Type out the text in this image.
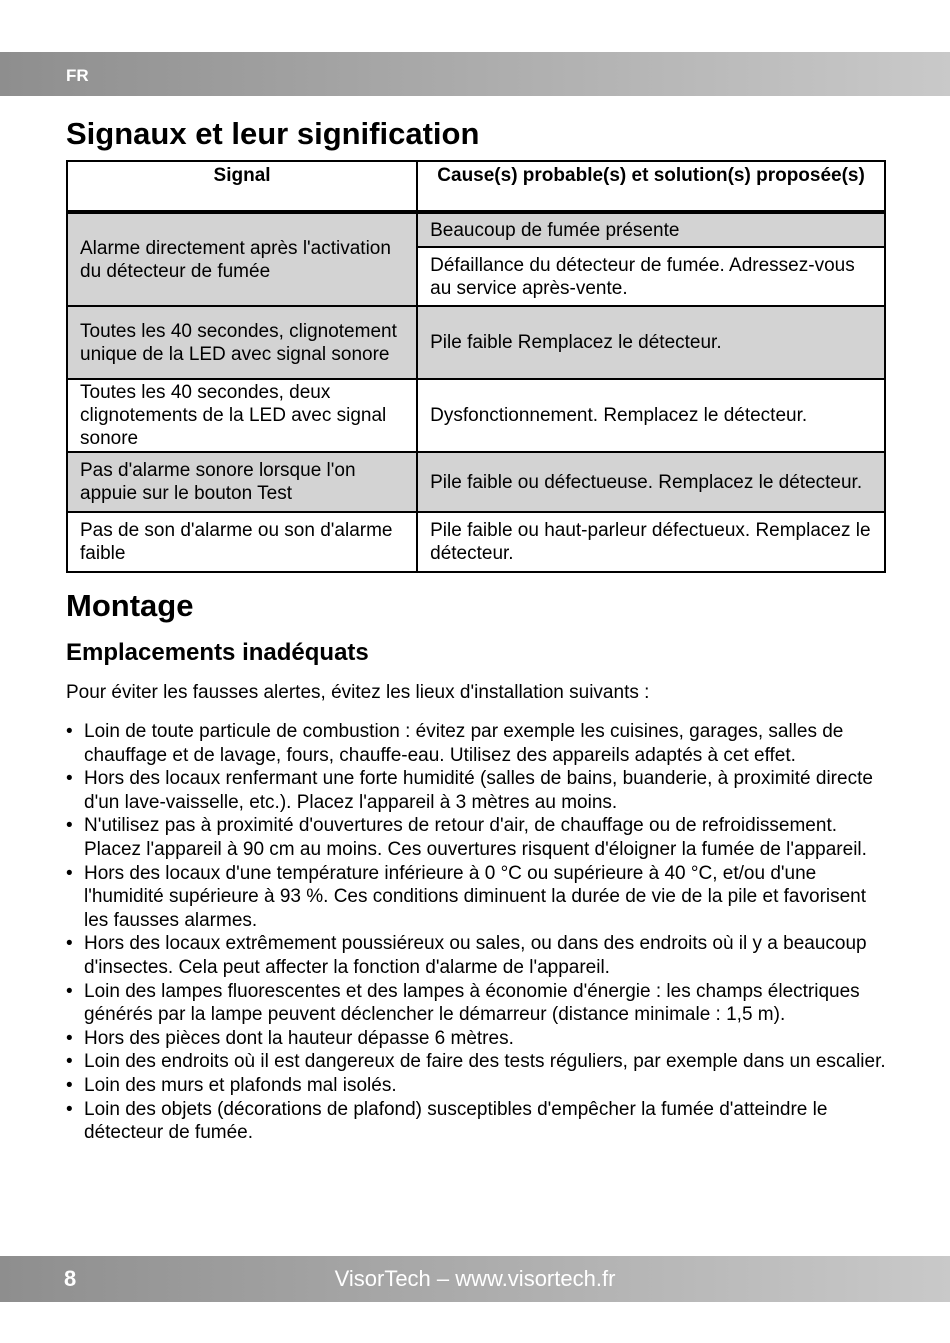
FR
Signaux et leur signification
Signal	Cause(s) probable(s) et solution(s) proposée(s)
Alarme directement après l'activation du détecteur de fumée	Beaucoup de fumée présente
	Défaillance du détecteur de fumée. Adressez-vous au service après-vente.
Toutes les 40 secondes, clignotement unique de la LED avec signal sonore	Pile faible Remplacez le détecteur.
Toutes les 40 secondes, deux clignotements de la LED avec signal sonore	Dysfonctionnement. Remplacez le détecteur.
Pas d'alarme sonore lorsque l'on appuie sur le bouton Test	Pile faible ou défectueuse. Remplacez le détecteur.
Pas de son d'alarme ou son d'alarme faible	Pile faible ou haut-parleur défectueux. Remplacez le détecteur.
Montage
Emplacements inadéquats

Pour éviter les fausses alertes, évitez les lieux d'installation suivants :

• Loin de toute particule de combustion : évitez par exemple les cuisines, garages, salles de chauffage et de lavage, fours, chauffe-eau. Utilisez des appareils adaptés à cet effet.
• Hors des locaux renfermant une forte humidité (salles de bains, buanderie, à proximité directe d'un lave-vaisselle, etc.). Placez l'appareil à 3 mètres au moins.
• N'utilisez pas à proximité d'ouvertures de retour d'air, de chauffage ou de refroidissement. Placez l'appareil à 90 cm au moins. Ces ouvertures risquent d'éloigner la fumée de l'appareil.
• Hors des locaux d'une température inférieure à 0 °C ou supérieure à 40 °C, et/ou d'une l'humidité supérieure à 93 %. Ces conditions diminuent la durée de vie de la pile et favorisent les fausses alarmes.
• Hors des locaux extrêmement poussiéreux ou sales, ou dans des endroits où il y a beaucoup d'insectes. Cela peut affecter la fonction d'alarme de l'appareil.
• Loin des lampes fluorescentes et des lampes à économie d'énergie : les champs électriques générés par la lampe peuvent déclencher le démarreur (distance minimale : 1,5 m).
• Hors des pièces dont la hauteur dépasse 6 mètres.
• Loin des endroits où il est dangereux de faire des tests réguliers, par exemple dans un escalier.
• Loin des murs et plafonds mal isolés.
• Loin des objets (décorations de plafond) susceptibles d'empêcher la fumée d'atteindre le détecteur de fumée.
8	VisorTech – www.visortech.fr
